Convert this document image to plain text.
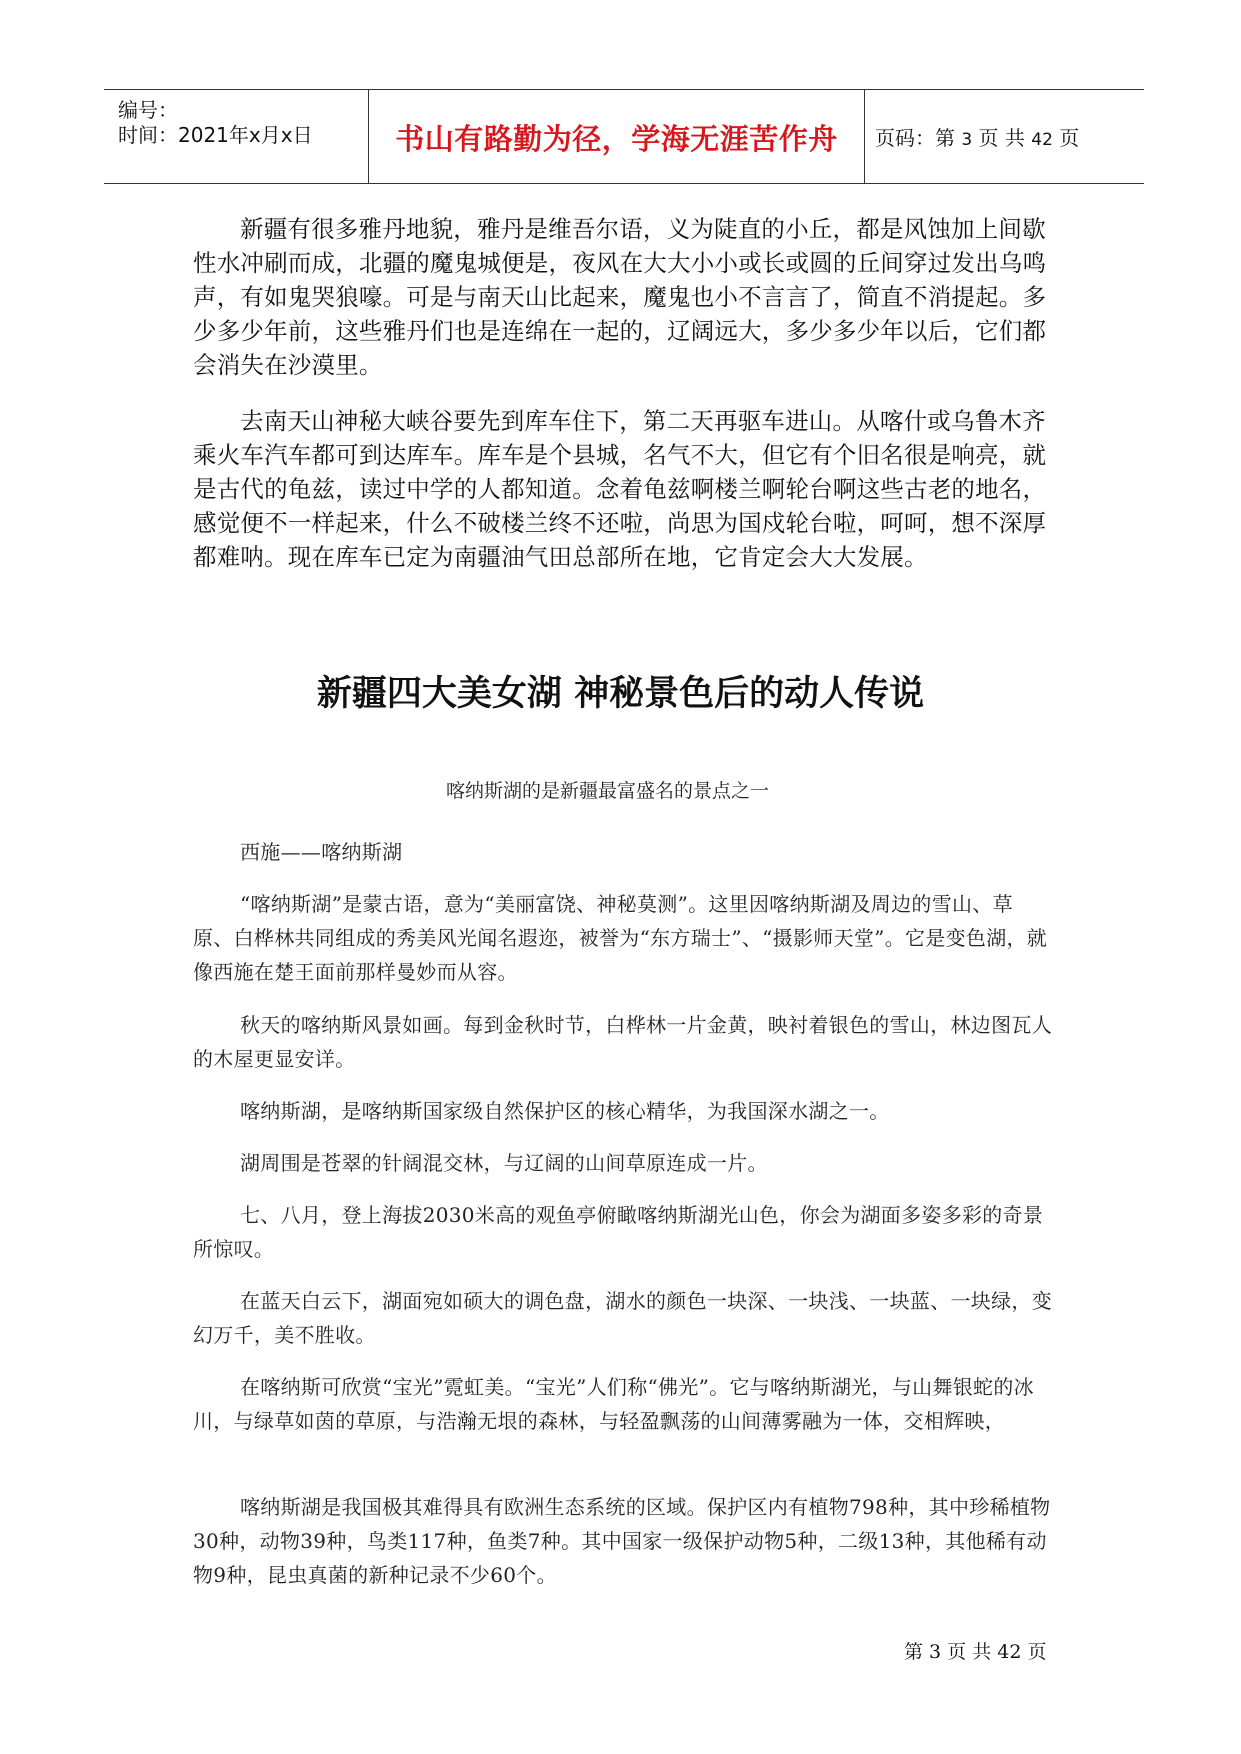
编号：
时间：2021年x月x日	书山有路勤为径，学海无涯苦作舟	页码：第 3 页 共 42 页

新疆有很多雅丹地貌，雅丹是维吾尔语，义为陡直的小丘，都是风蚀加上间歇性水冲刷而成，北疆的魔鬼城便是，夜风在大大小小或长或圆的丘间穿过发出乌鸣声，有如鬼哭狼嚎。可是与南天山比起来，魔鬼也小不言言了，简直不消提起。多少多少年前，这些雅丹们也是连绵在一起的，辽阔远大，多少多少年以后，它们都会消失在沙漠里。

去南天山神秘大峡谷要先到库车住下，第二天再驱车进山。从喀什或乌鲁木齐乘火车汽车都可到达库车。库车是个县城，名气不大，但它有个旧名很是响亮，就是古代的龟兹，读过中学的人都知道。念着龟兹啊楼兰啊轮台啊这些古老的地名，感觉便不一样起来，什么不破楼兰终不还啦，尚思为国戍轮台啦，呵呵，想不深厚都难呐。现在库车已定为南疆油气田总部所在地，它肯定会大大发展。

新疆四大美女湖 神秘景色后的动人传说

喀纳斯湖的是新疆最富盛名的景点之一

西施——喀纳斯湖

“喀纳斯湖”是蒙古语，意为“美丽富饶、神秘莫测”。这里因喀纳斯湖及周边的雪山、草原、白桦林共同组成的秀美风光闻名遐迩，被誉为“东方瑞士”、“摄影师天堂”。它是变色湖，就像西施在楚王面前那样曼妙而从容。

秋天的喀纳斯风景如画。每到金秋时节，白桦林一片金黄，映衬着银色的雪山，林边图瓦人的木屋更显安详。

喀纳斯湖，是喀纳斯国家级自然保护区的核心精华，为我国深水湖之一。

湖周围是苍翠的针阔混交林，与辽阔的山间草原连成一片。

七、八月，登上海拔2030米高的观鱼亭俯瞰喀纳斯湖光山色，你会为湖面多姿多彩的奇景所惊叹。

在蓝天白云下，湖面宛如硕大的调色盘，湖水的颜色一块深、一块浅、一块蓝、一块绿，变幻万千，美不胜收。

在喀纳斯可欣赏“宝光”霓虹美。“宝光”人们称“佛光”。它与喀纳斯湖光，与山舞银蛇的冰川，与绿草如茵的草原，与浩瀚无垠的森林，与轻盈飘荡的山间薄雾融为一体，交相辉映，

喀纳斯湖是我国极其难得具有欧洲生态系统的区域。保护区内有植物798种，其中珍稀植物30种，动物39种，鸟类117种，鱼类7种。其中国家一级保护动物5种，二级13种，其他稀有动物9种，昆虫真菌的新种记录不少60个。

第 3 页 共 42 页
